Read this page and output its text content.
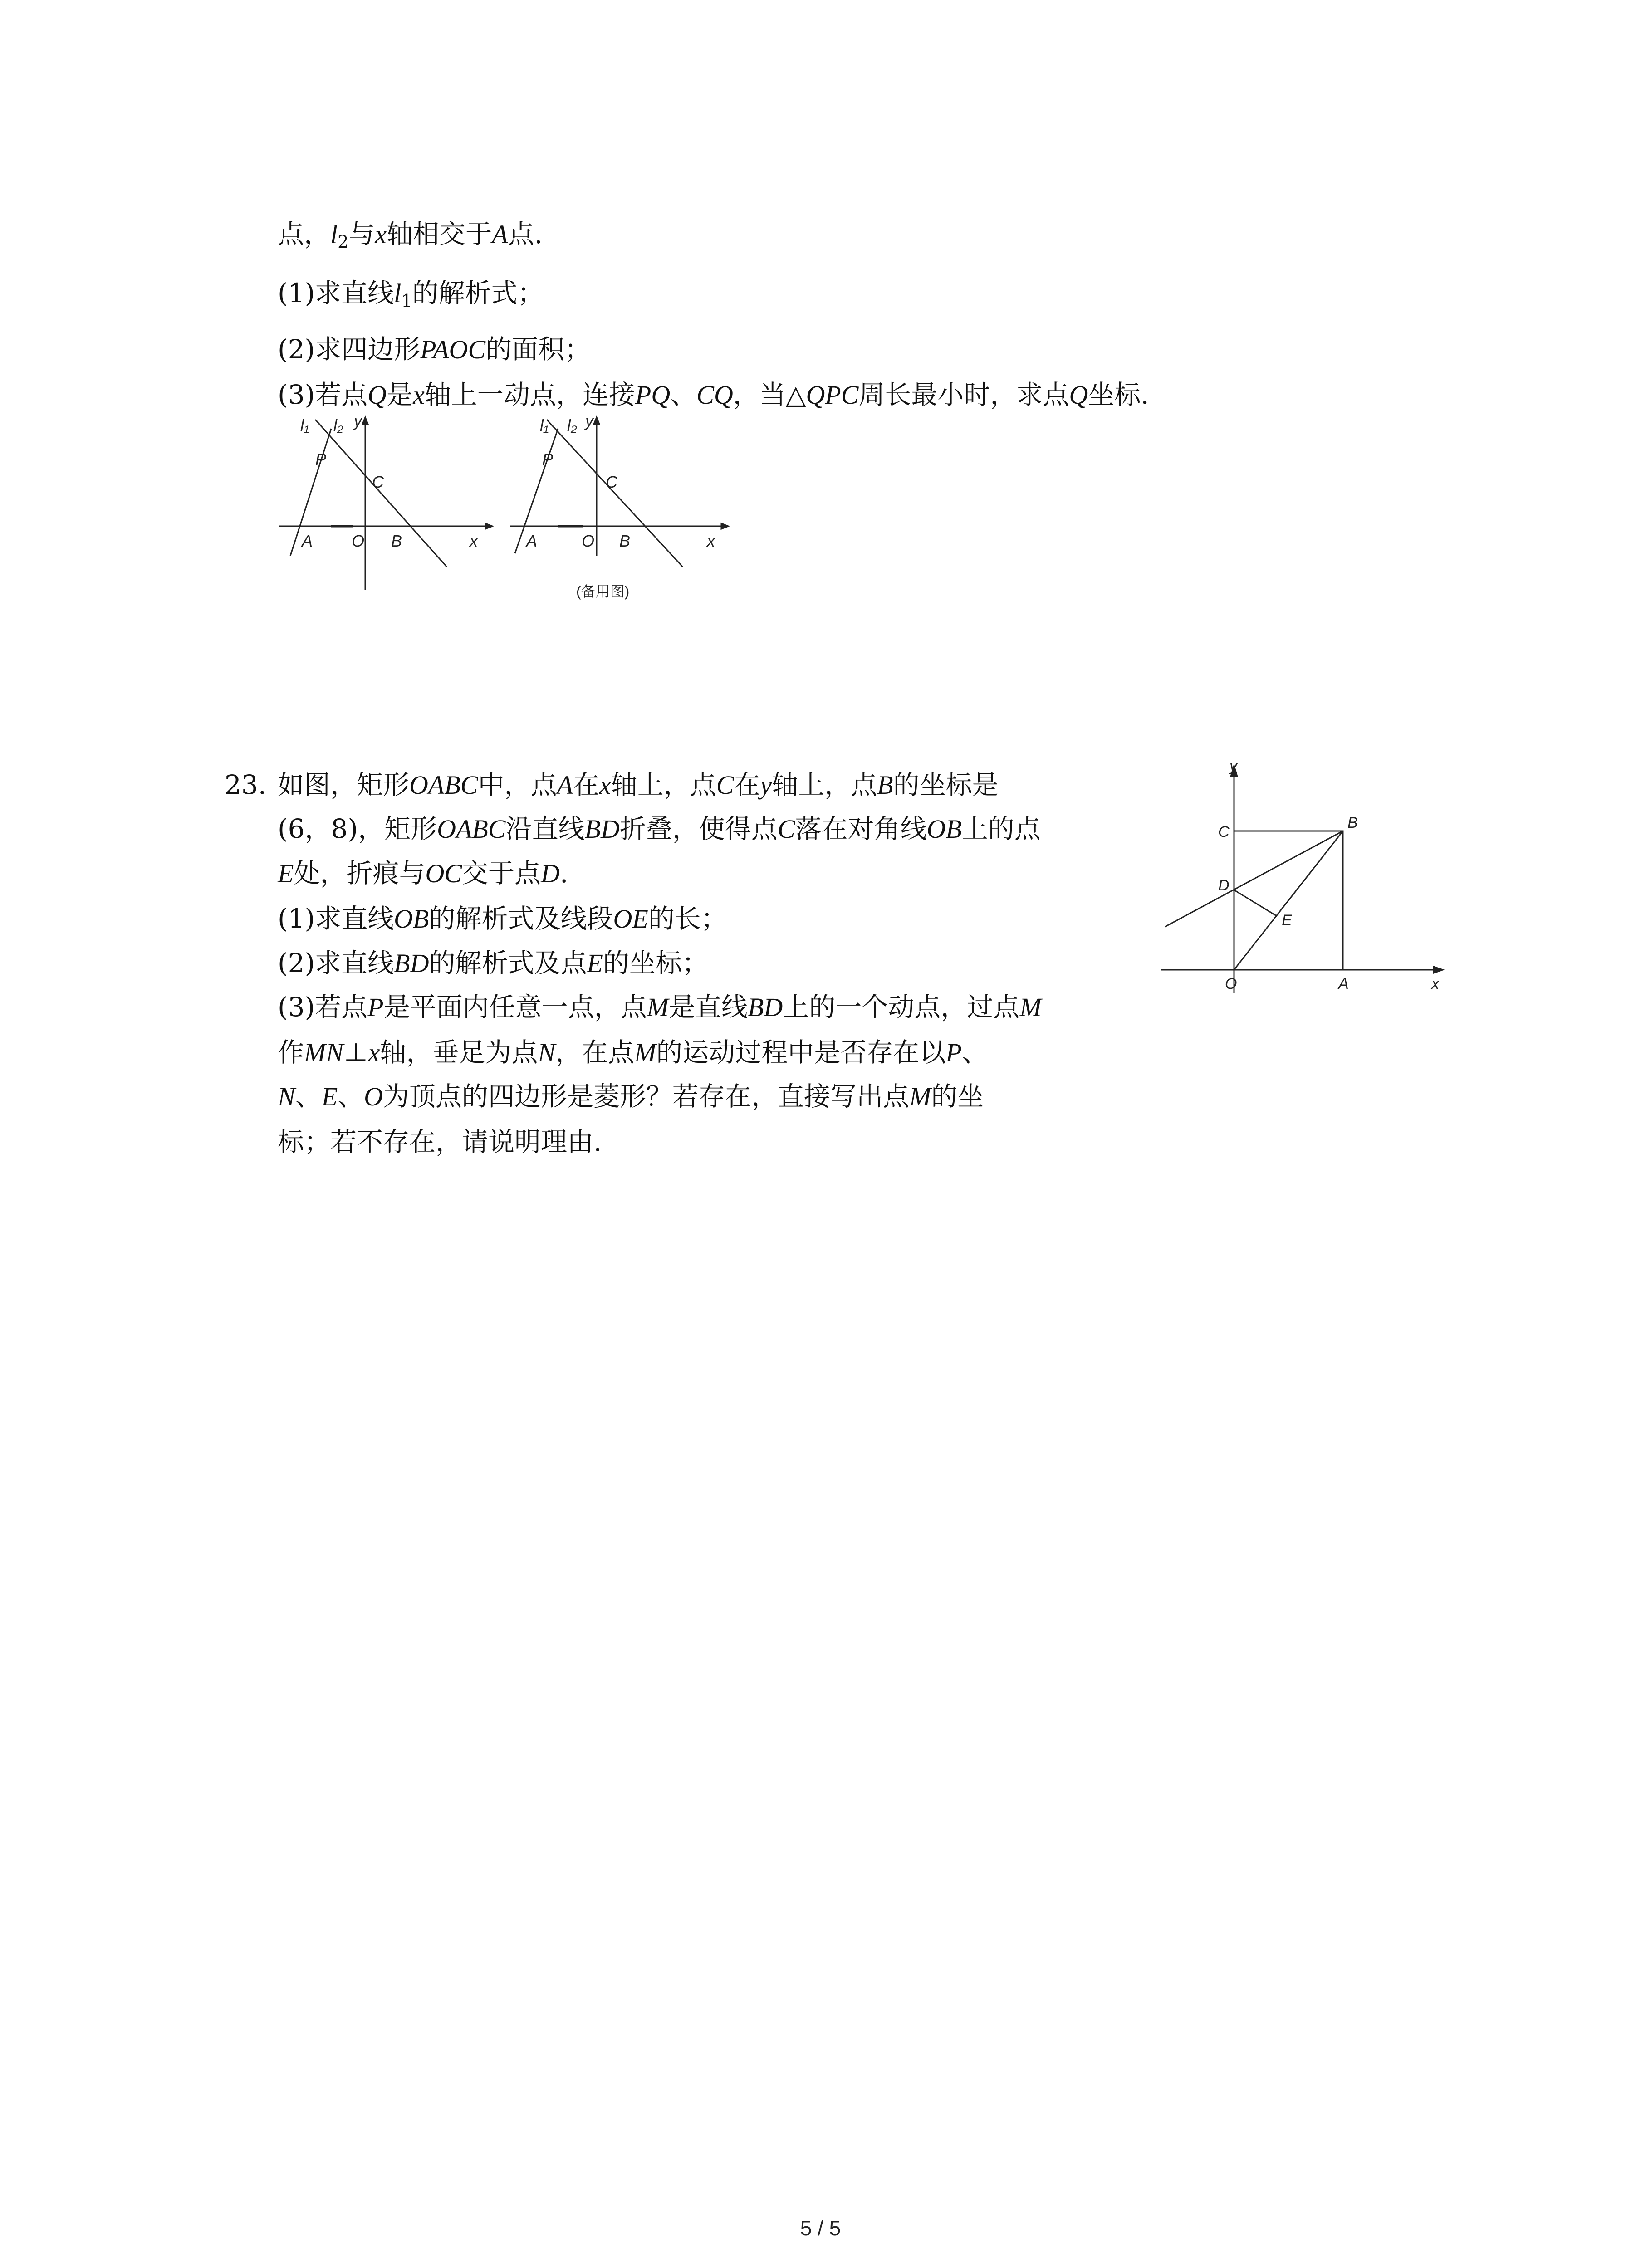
点，$l_2$与x轴相交于A点.
(1)求直线$l_1$的解析式；
(2)求四边形PAOC的面积；
(3)若点Q是x轴上一动点，连接PQ、CQ，当△QPC周长最小时，求点Q坐标.
l₁ l₂ y
P
C
A O B	x
l₁ l₂ y
P
C
A	O B	x
(备用图)
23. 如图，矩形OABC中，点A在x轴上，点C在y轴上，点B的坐标是
(6，8)，矩形OABC沿直线BD折叠，使得点C落在对角线OB上的点
E处，折痕与OC交于点D.
(1)求直线OB的解析式及线段OE的长；
(2)求直线BD的解析式及点E的坐标；
(3)若点P是平面内任意一点，点M是直线BD上的一个动点，过点M
作MN⊥x轴，垂足为点N，在点M的运动过程中是否存在以P、
N、E、O为顶点的四边形是菱形？若存在，直接写出点M的坐
标；若不存在，请说明理由.
y
C
B
D
E
O	A	x
5 / 5
